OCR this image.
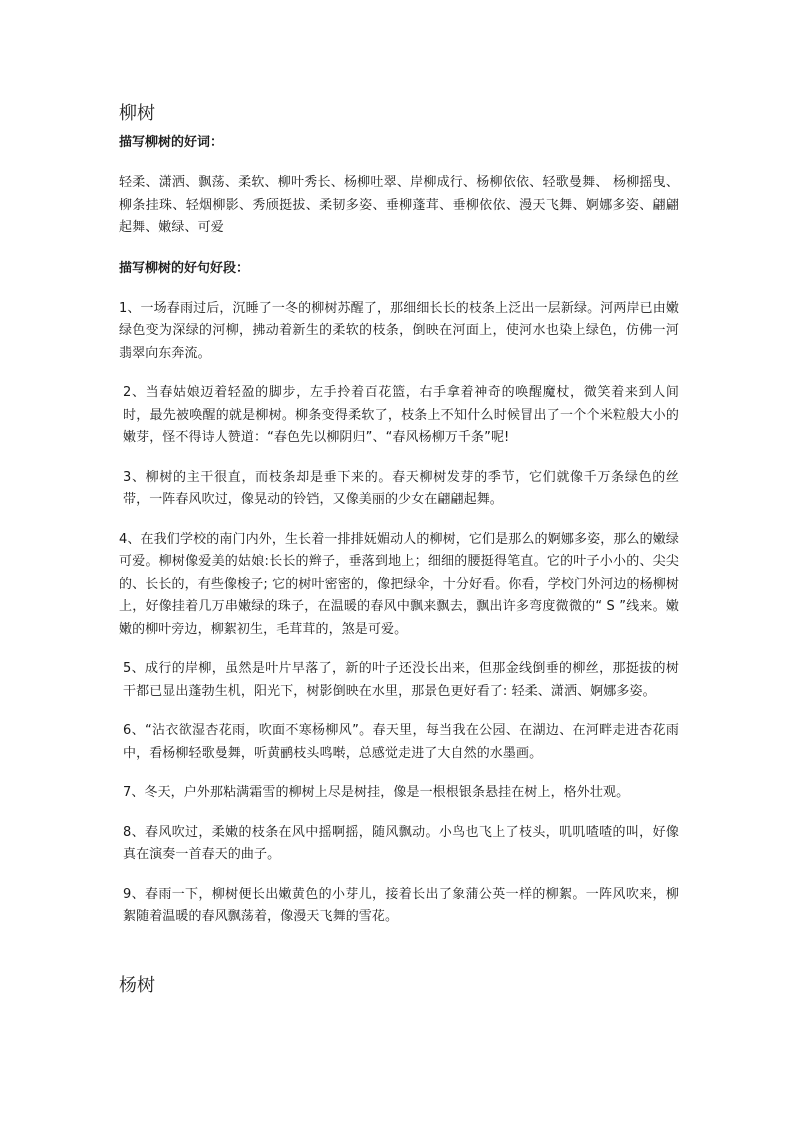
柳树

描写柳树的好词：

轻柔、潇洒、飘荡、柔软、柳叶秀长、杨柳吐翠、岸柳成行、杨柳依依、轻歌曼舞、 杨柳摇曳、柳条挂珠、轻烟柳影、秀颀挺拔、柔韧多姿、垂柳蓬茸、垂柳依依、漫天飞舞、婀娜多姿、翩翩起舞、嫩绿、可爱

描写柳树的好句好段：

1、一场春雨过后，沉睡了一冬的柳树苏醒了，那细细长长的枝条上泛出一层新绿。河两岸已由嫩绿色变为深绿的河柳，拂动着新生的柔软的枝条，倒映在河面上，使河水也染上绿色，仿佛一河翡翠向东奔流。

2、当春姑娘迈着轻盈的脚步，左手拎着百花篮，右手拿着神奇的唤醒魔杖，微笑着来到人间时，最先被唤醒的就是柳树。柳条变得柔软了，枝条上不知什么时候冒出了一个个米粒般大小的嫩芽，怪不得诗人赞道：“春色先以柳阴归”、“春风杨柳万千条”呢!

3、柳树的主干很直，而枝条却是垂下来的。春天柳树发芽的季节，它们就像千万条绿色的丝带，一阵春风吹过，像晃动的铃铛，又像美丽的少女在翩翩起舞。

4、在我们学校的南门内外，生长着一排排妩媚动人的柳树，它们是那么的婀娜多姿，那么的嫩绿可爱。柳树像爱美的姑娘:长长的辫子，垂落到地上；细细的腰挺得笔直。它的叶子小小的、尖尖的、长长的，有些像梭子; 它的树叶密密的，像把绿伞，十分好看。你看，学校门外河边的杨柳树上，好像挂着几万串嫩绿的珠子，在温暖的春风中飘来飘去，飘出许多弯度微微的“ S ”线来。嫩嫩的柳叶旁边，柳絮初生，毛茸茸的，煞是可爱。

5、成行的岸柳，虽然是叶片早落了，新的叶子还没长出来，但那金线倒垂的柳丝，那挺拔的树干都已显出蓬勃生机，阳光下，树影倒映在水里，那景色更好看了: 轻柔、潇洒、婀娜多姿。

6、“沾衣欲湿杏花雨，吹面不寒杨柳风”。春天里，每当我在公园、在湖边、在河畔走进杏花雨中，看杨柳轻歌曼舞，听黄鹂枝头鸣啭，总感觉走进了大自然的水墨画。

7、冬天，户外那粘满霜雪的柳树上尽是树挂，像是一根根银条悬挂在树上，格外壮观。

8、春风吹过，柔嫩的枝条在风中摇啊摇，随风飘动。小鸟也飞上了枝头，叽叽喳喳的叫，好像真在演奏一首春天的曲子。

9、春雨一下，柳树便长出嫩黄色的小芽儿，接着长出了象蒲公英一样的柳絮。一阵风吹来，柳絮随着温暖的春风飘荡着，像漫天飞舞的雪花。

杨树
